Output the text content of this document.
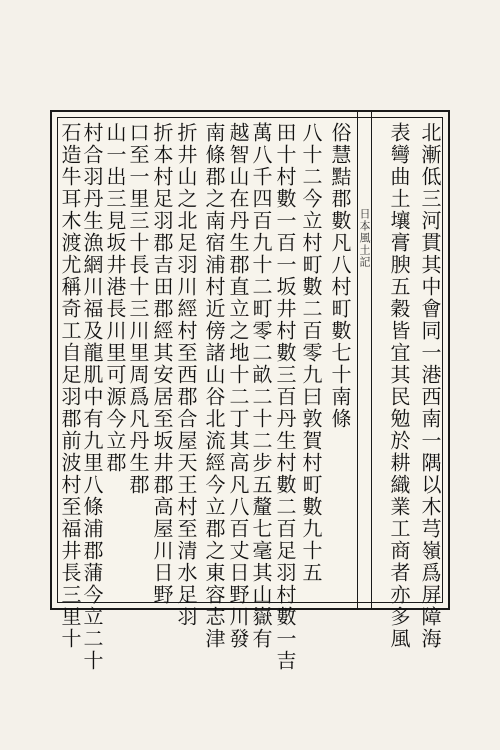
日本風土記 北漸低三河貫其中會同一港西南一隅以木芎嶺爲屏障海
表彎曲土壤膏腴五穀皆宜其民勉於耕織業工商者亦多風
俗慧黠郡數凡八村町數七十南條
八十二今立村町數二百零九曰敦賀村町數九十五
田十村數一百一坂井村數三百丹生村數二百足羽村數一吉
萬八千四百九十二町零二畝二十二步五釐七毫其山嶽有
越智山在丹生郡直立之地十二丁其高凡八百丈日野川發
南條郡之南宿浦村近傍諸山谷北流經今立郡之東容志津
折井山之北足羽川經村至西郡合屋天王村至清水足羽
折本村足羽郡吉田郡經其安居至坂井郡高屋川日野
口至一里三十長十三川里周爲凡丹生郡
山一出三見坂井港長川里可源今立郡
村合羽丹生漁網川福及龍肌中有九里八條浦郡蒲今立二十
石造牛耳木渡尤稱奇工自足羽郡前波村至福井長三里十
